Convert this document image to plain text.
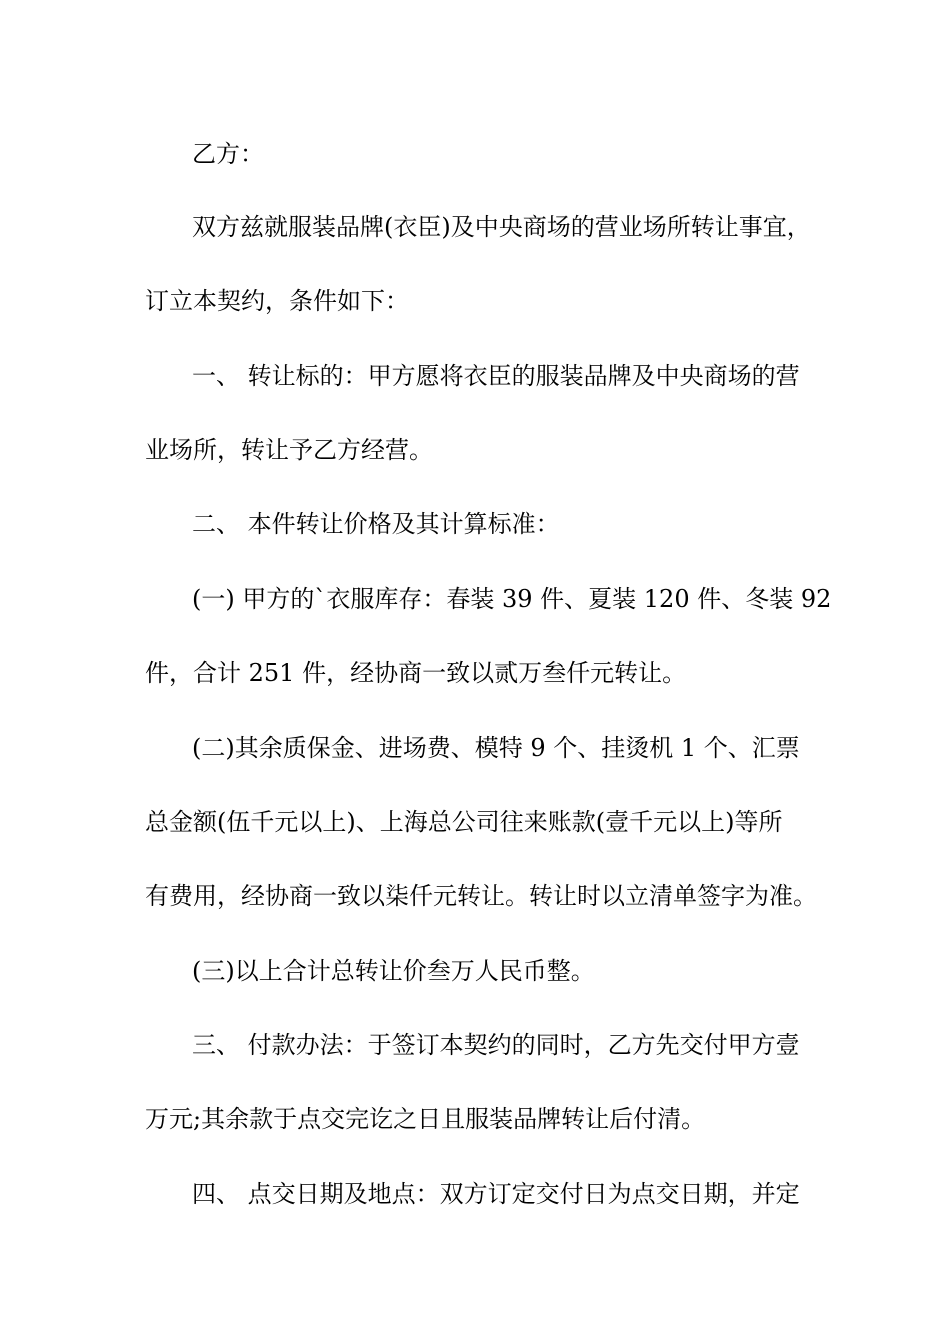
乙方：

双方兹就服装品牌(衣臣)及中央商场的营业场所转让事宜，

订立本契约，条件如下：

一、 转让标的：甲方愿将衣臣的服装品牌及中央商场的营

业场所，转让予乙方经营。

二、 本件转让价格及其计算标准：

(一) 甲方的`衣服库存：春装 39 件、夏装 120 件、冬装 92

件，合计 251 件，经协商一致以贰万叁仟元转让。

(二)其余质保金、进场费、模特 9 个、挂烫机 1 个、汇票

总金额(伍千元以上)、上海总公司往来账款(壹千元以上)等所

有费用，经协商一致以柒仟元转让。转让时以立清单签字为准。

(三)以上合计总转让价叁万人民币整。

三、 付款办法：于签订本契约的同时，乙方先交付甲方壹

万元;其余款于点交完讫之日且服装品牌转让后付清。

四、 点交日期及地点：双方订定交付日为点交日期，并定
